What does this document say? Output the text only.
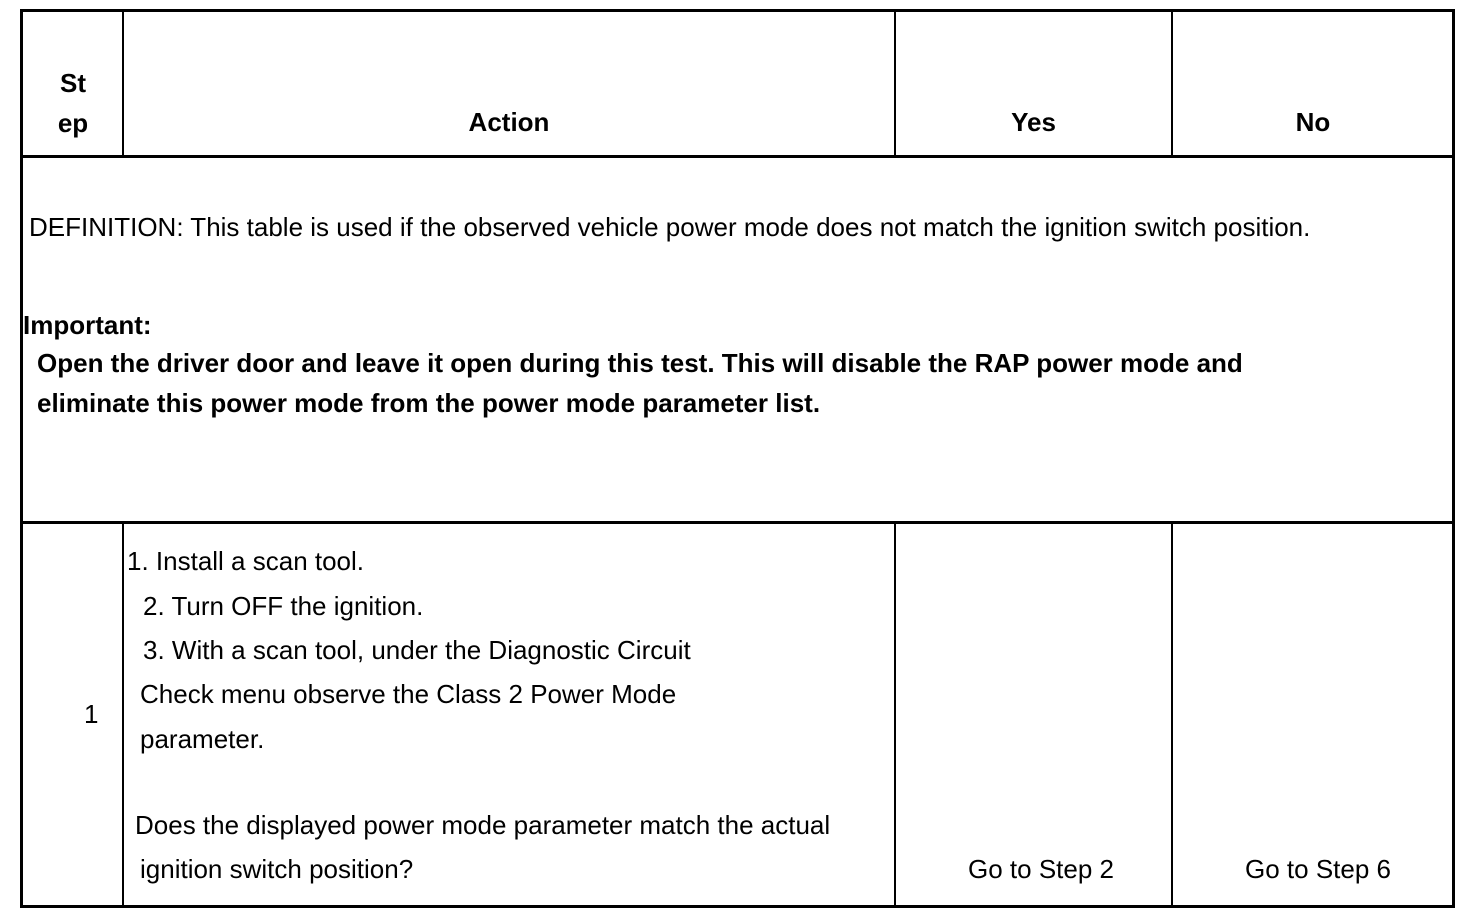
St
ep	Action	Yes	No
DEFINITION: This table is used if the observed vehicle power mode does not match the ignition switch position.
Important:
Open the driver door and leave it open during this test. This will disable the RAP power mode and
eliminate this power mode from the power mode parameter list.
1
1. Install a scan tool.
2. Turn OFF the ignition.
3. With a scan tool, under the Diagnostic Circuit
Check menu observe the Class 2 Power Mode
parameter.
Does the displayed power mode parameter match the actual
ignition switch position?	Go to Step 2	Go to Step 6
